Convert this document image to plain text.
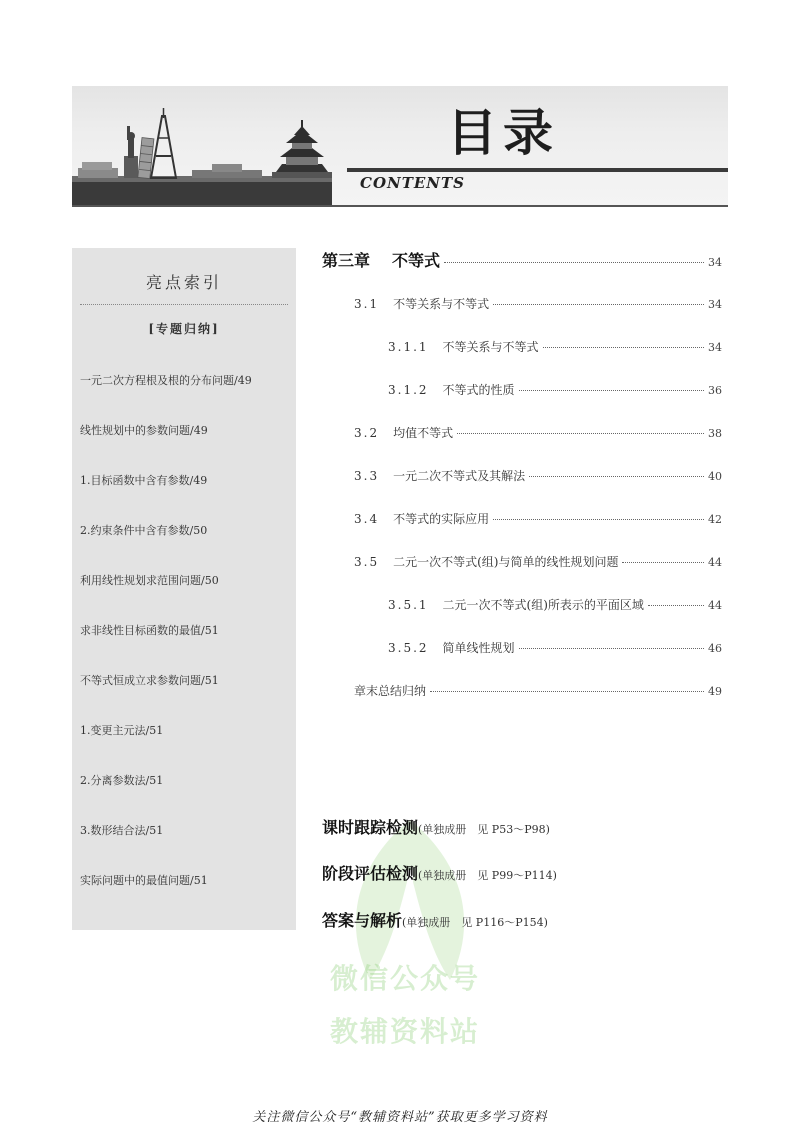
目录
CONTENTS
亮点索引
[专题归纳]
一元二次方程根及根的分布问题/49
线性规划中的参数问题/49
1.目标函数中含有参数/49
2.约束条件中含有参数/50
利用线性规划求范围问题/50
求非线性目标函数的最值/51
不等式恒成立求参数问题/51
1.变更主元法/51
2.分离参数法/51
3.数形结合法/51
实际问题中的最值问题/51
第三章 不等式	34
3.1 不等关系与不等式	34
3.1.1 不等关系与不等式	34
3.1.2 不等式的性质	36
3.2 均值不等式	38
3.3 一元二次不等式及其解法	40
3.4 不等式的实际应用	42
3.5 二元一次不等式(组)与简单的线性规划问题	44
3.5.1 二元一次不等式(组)所表示的平面区域	44
3.5.2 简单线性规划	46
章末总结归纳	49
微信公众号
教辅资料站
课时跟踪检测(单独成册　见 P53～P98)
阶段评估检测(单独成册　见 P99～P114)
答案与解析(单独成册　见 P116～P154)
关注微信公众号“教辅资料站”获取更多学习资料
